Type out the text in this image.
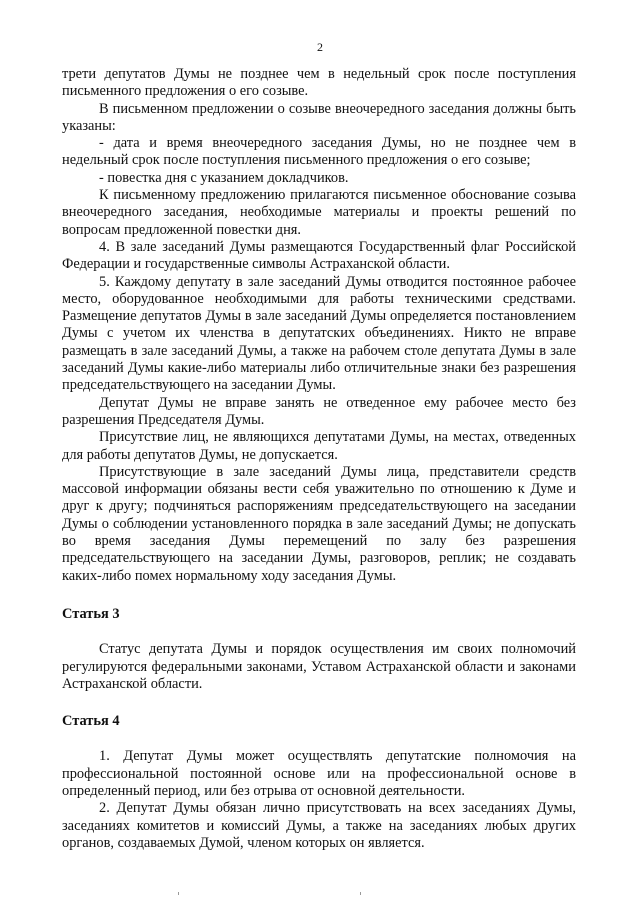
2

трети депутатов Думы не позднее чем в недельный срок после поступления письменного предложения о его созыве.

В письменном предложении о созыве внеочередного заседания должны быть указаны:

- дата и время внеочередного заседания Думы, но не позднее чем в недельный срок после поступления письменного предложения о его созыве;

- повестка дня с указанием докладчиков.

К письменному предложению прилагаются письменное обоснование созыва внеочередного заседания, необходимые материалы и проекты решений по вопросам предложенной повестки дня.

4. В зале заседаний Думы размещаются Государственный флаг Российской Федерации и государственные символы Астраханской области.

5. Каждому депутату в зале заседаний Думы отводится постоянное рабочее место, оборудованное необходимыми для работы техническими средствами. Размещение депутатов Думы в зале заседаний Думы определяется постановлением Думы с учетом их членства в депутатских объединениях. Никто не вправе размещать в зале заседаний Думы, а также на рабочем столе депутата Думы в зале заседаний Думы какие-либо материалы либо отличительные знаки без разрешения председательствующего на заседании Думы.

Депутат Думы не вправе занять не отведенное ему рабочее место без разрешения Председателя Думы.

Присутствие лиц, не являющихся депутатами Думы, на местах, отведенных для работы депутатов Думы, не допускается.

Присутствующие в зале заседаний Думы лица, представители средств массовой информации обязаны вести себя уважительно по отношению к Думе и друг к другу; подчиняться распоряжениям председательствующего на заседании Думы о соблюдении установленного порядка в зале заседаний Думы; не допускать во время заседания Думы перемещений по залу без разрешения председательствующего на заседании Думы, разговоров, реплик; не создавать каких-либо помех нормальному ходу заседания Думы.

Статья 3

Статус депутата Думы и порядок осуществления им своих полномочий регулируются федеральными законами, Уставом Астраханской области и законами Астраханской области.

Статья 4

1. Депутат Думы может осуществлять депутатские полномочия на профессиональной постоянной основе или на профессиональной основе в определенный период, или без отрыва от основной деятельности.

2. Депутат Думы обязан лично присутствовать на всех заседаниях Думы, заседаниях комитетов и комиссий Думы, а также на заседаниях любых других органов, создаваемых Думой, членом которых он является.
